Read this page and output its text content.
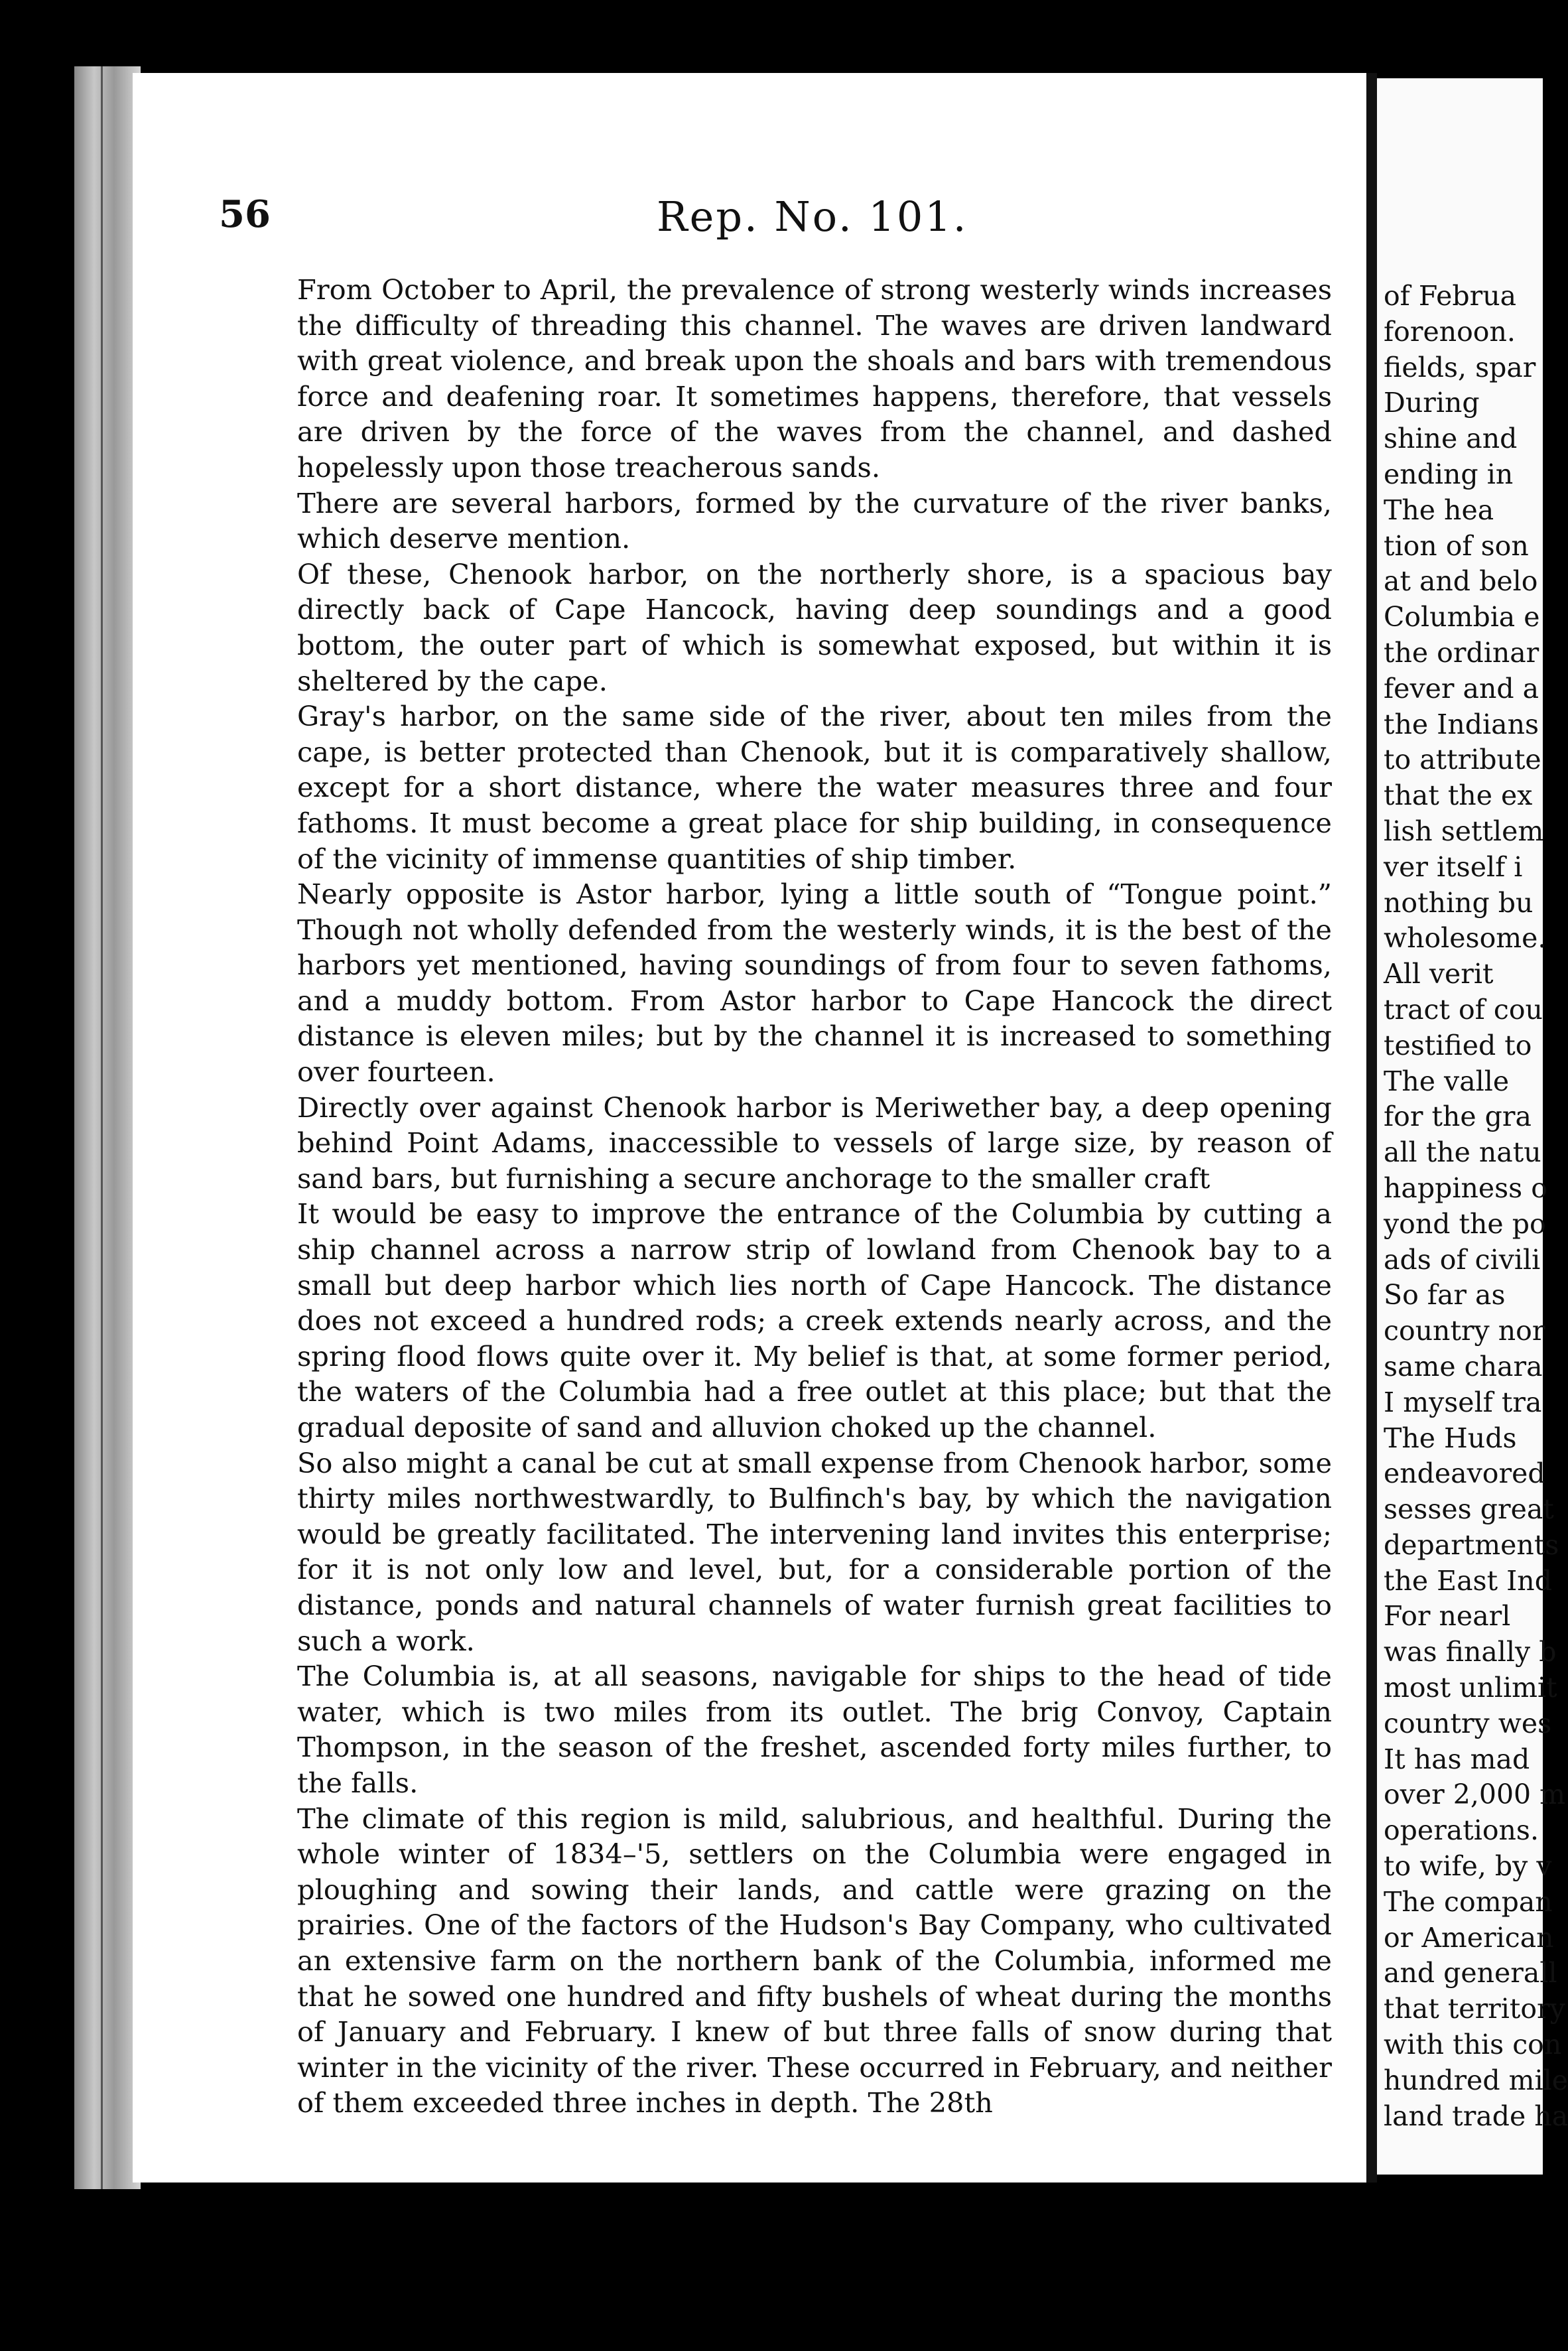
56	Rep. No. 101.

From October to April, the prevalence of strong westerly winds increases the difficulty of threading this channel. The waves are driven landward with great violence, and break upon the shoals and bars with tremendous force and deafening roar. It sometimes happens, therefore, that vessels are driven by the force of the waves from the channel, and dashed hopelessly upon those treacherous sands.

There are several harbors, formed by the curvature of the river banks, which deserve mention.

Of these, Chenook harbor, on the northerly shore, is a spacious bay directly back of Cape Hancock, having deep soundings and a good bottom, the outer part of which is somewhat exposed, but within it is sheltered by the cape.

Gray's harbor, on the same side of the river, about ten miles from the cape, is better protected than Chenook, but it is comparatively shallow, except for a short distance, where the water measures three and four fathoms. It must become a great place for ship building, in consequence of the vicinity of immense quantities of ship timber.

Nearly opposite is Astor harbor, lying a little south of “Tongue point.” Though not wholly defended from the westerly winds, it is the best of the harbors yet mentioned, having soundings of from four to seven fathoms, and a muddy bottom. From Astor harbor to Cape Hancock the direct distance is eleven miles; but by the channel it is increased to something over fourteen.

Directly over against Chenook harbor is Meriwether bay, a deep opening behind Point Adams, inaccessible to vessels of large size, by reason of sand bars, but furnishing a secure anchorage to the smaller craft

It would be easy to improve the entrance of the Columbia by cutting a ship channel across a narrow strip of lowland from Chenook bay to a small but deep harbor which lies north of Cape Hancock. The distance does not exceed a hundred rods; a creek extends nearly across, and the spring flood flows quite over it. My belief is that, at some former period, the waters of the Columbia had a free outlet at this place; but that the gradual deposite of sand and alluvion choked up the channel.

So also might a canal be cut at small expense from Chenook harbor, some thirty miles northwestwardly, to Bulfinch's bay, by which the navigation would be greatly facilitated. The intervening land invites this enterprise; for it is not only low and level, but, for a considerable portion of the distance, ponds and natural channels of water furnish great facilities to such a work.

The Columbia is, at all seasons, navigable for ships to the head of tide water, which is two miles from its outlet. The brig Convoy, Captain Thompson, in the season of the freshet, ascended forty miles further, to the falls.

The climate of this region is mild, salubrious, and healthful. During the whole winter of 1834–'5, settlers on the Columbia were engaged in ploughing and sowing their lands, and cattle were grazing on the prairies. One of the factors of the Hudson's Bay Company, who cultivated an extensive farm on the northern bank of the Columbia, informed me that he sowed one hundred and fifty bushels of wheat during the months of January and February. I knew of but three falls of snow during that winter in the vicinity of the river. These occurred in February, and neither of them exceeded three inches in depth. The 28th

of Februa
forenoon.
fields, spar
During
shine and
ending in
The hea
tion of son
at and belo
Columbia e
the ordinar
fever and a
the Indians
to attribute
that the ex
lish settlem
ver itself i
nothing bu
wholesome.
All verit
tract of cou
testified to
The valle
for the gra
all the natu
happiness o
yond the po
ads of civili
So far as
country nor
same chara
I myself tra
The Huds
endeavored
sesses great
departments
the East Ind
For nearl
was finally b
most unlimit
country wes
It has mad
over 2,000 m
operations.
to wife, by v
The compan
or American
and generall
that territory
with this con
hundred mile
land trade ha
